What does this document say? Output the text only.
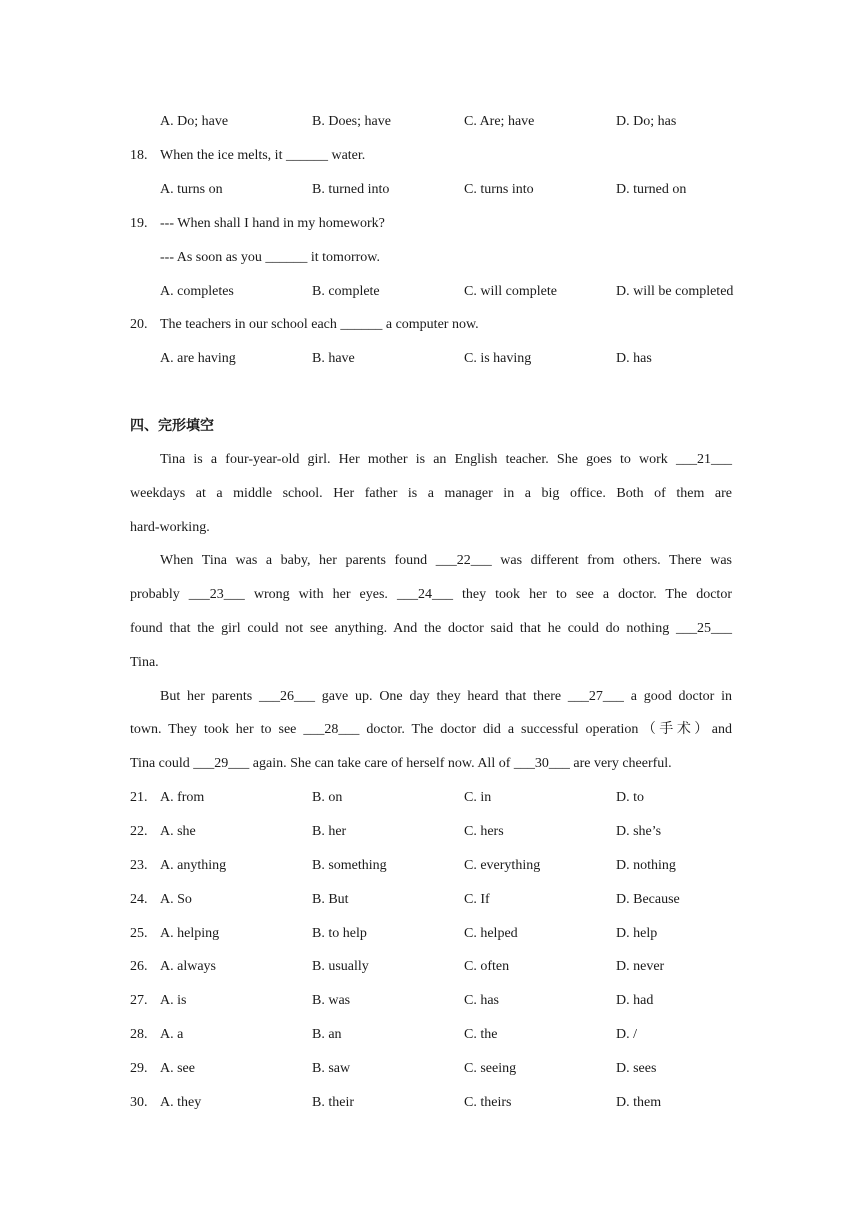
A. Do; have	B. Does; have	C. Are; have	D. Do; has
18. When the ice melts, it ______ water.
A. turns on	B. turned into	C. turns into	D. turned on
19. --- When shall I hand in my homework?
--- As soon as you ______ it tomorrow.
A. completes	B. complete	C. will complete	D. will be completed
20. The teachers in our school each ______ a computer now.
A. are having	B. have	C. is having	D. has
四、完形填空
Tina is a four-year-old girl. Her mother is an English teacher. She goes to work ___21___
weekdays at a middle school. Her father is a manager in a big office. Both of them are
hard-working.
When Tina was a baby, her parents found ___22___ was different from others. There was
probably ___23___ wrong with her eyes. ___24___ they took her to see a doctor. The doctor
found that the girl could not see anything. And the doctor said that he could do nothing ___25___
Tina.
But her parents ___26___ gave up. One day they heard that there ___27___ a good doctor in
town. They took her to see ___28___ doctor. The doctor did a successful operation（手术）and
Tina could ___29___ again. She can take care of herself now. All of ___30___ are very cheerful.
21. A. from	B. on	C. in	D. to
22. A. she	B. her	C. hers	D. she’s
23. A. anything	B. something	C. everything	D. nothing
24. A. So	B. But	C. If	D. Because
25. A. helping	B. to help	C. helped	D. help
26. A. always	B. usually	C. often	D. never
27. A. is	B. was	C. has	D. had
28. A. a	B. an	C. the	D. /
29. A. see	B. saw	C. seeing	D. sees
30. A. they	B. their	C. theirs	D. them
